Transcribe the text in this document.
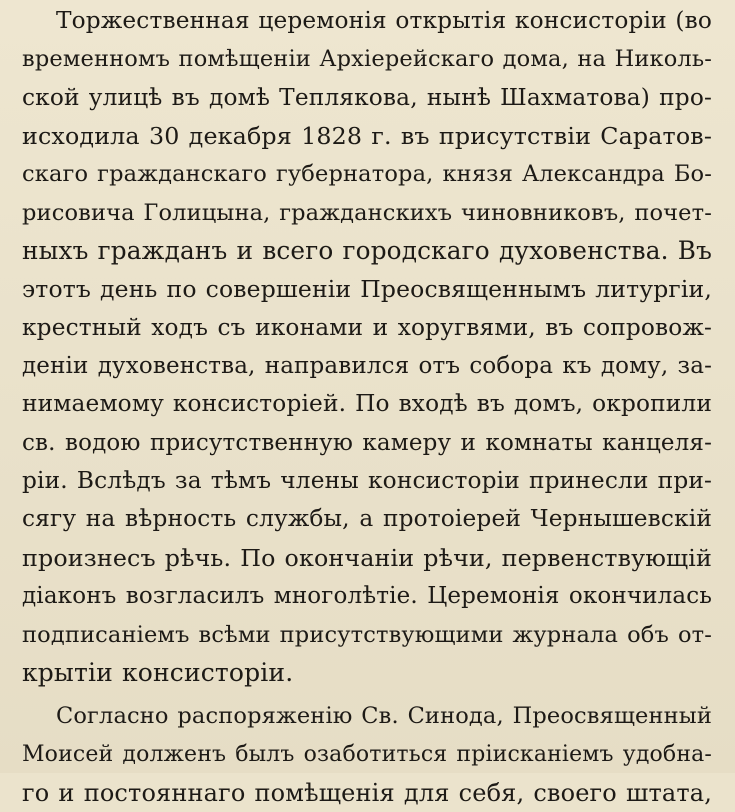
Торжественная церемонія открытія консисторіи (во
временномъ помѣщеніи Архіерейскаго дома, на Николь-
ской улицѣ въ домѣ Теплякова, нынѣ Шахматова) про-
исходила 30 декабря 1828 г. въ присутствіи Саратов-
скаго гражданскаго губернатора, князя Александра Бо-
рисовича Голицына, гражданскихъ чиновниковъ, почет-
ныхъ гражданъ и всего городскаго духовенства. Въ
этотъ день по совершеніи Преосвященнымъ литургіи,
крестный ходъ съ иконами и хоругвями, въ сопровож-
деніи духовенства, направился отъ собора къ дому, за-
нимаемому консисторіей. По входѣ въ домъ, окропили
св. водою присутственную камеру и комнаты канцеля-
ріи. Вслѣдъ за тѣмъ члены консисторіи принесли при-
сягу на вѣрность службы, а протоіерей Чернышевскій
произнесъ рѣчь. По окончаніи рѣчи, первенствующій
діаконъ возгласилъ многолѣтіе. Церемонія окончилась
подписаніемъ всѣми присутствующими журнала объ от-
крытіи консисторіи.
Согласно распоряженію Св. Синода, Преосвященный
Моисей долженъ былъ озаботиться пріисканіемъ удобна-
го и постояннаго помѣщенія для себя, своего штата,
